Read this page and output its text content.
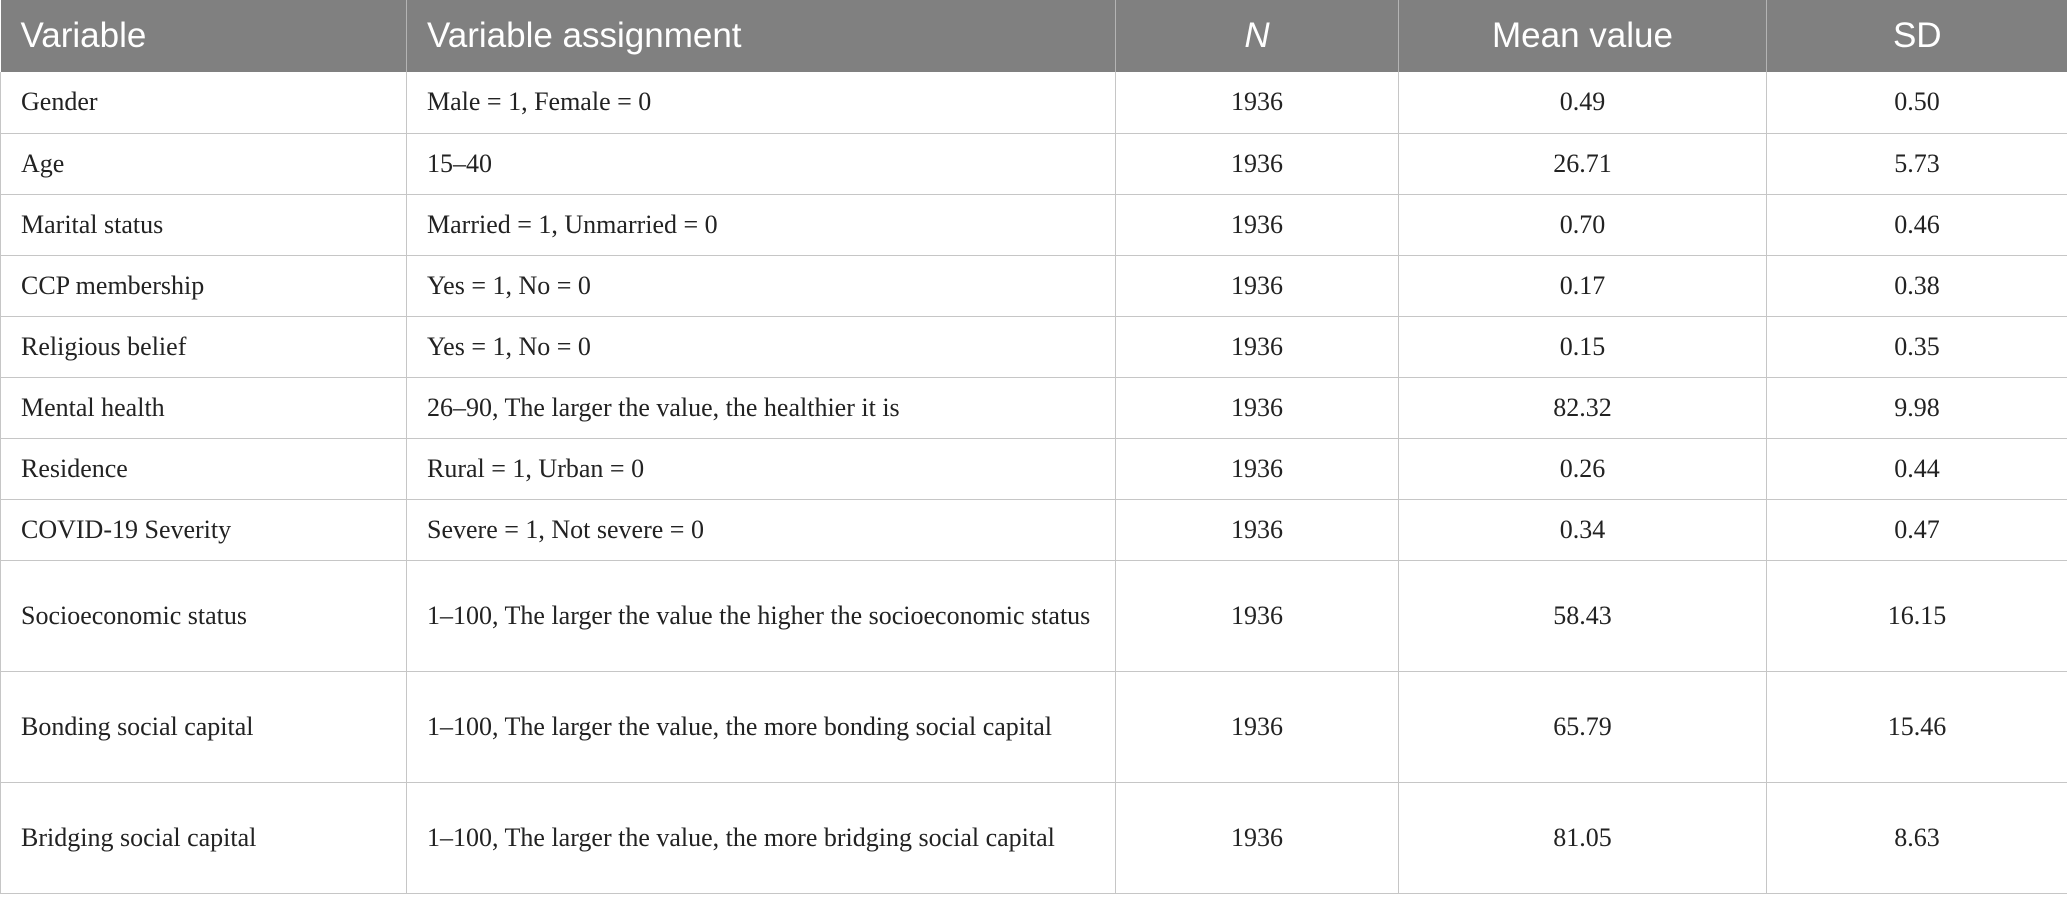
Variable	Variable assignment	N	Mean value	SD
Gender	Male = 1, Female = 0	1936	0.49	0.50
Age	15–40	1936	26.71	5.73
Marital status	Married = 1, Unmarried = 0	1936	0.70	0.46
CCP membership	Yes = 1, No = 0	1936	0.17	0.38
Religious belief	Yes = 1, No = 0	1936	0.15	0.35
Mental health	26–90, The larger the value, the healthier it is	1936	82.32	9.98
Residence	Rural = 1, Urban = 0	1936	0.26	0.44
COVID-19 Severity	Severe = 1, Not severe = 0	1936	0.34	0.47
Socioeconomic status	1–100, The larger the value the higher the socioeconomic status	1936	58.43	16.15
Bonding social capital	1–100, The larger the value, the more bonding social capital	1936	65.79	15.46
Bridging social capital	1–100, The larger the value, the more bridging social capital	1936	81.05	8.63
